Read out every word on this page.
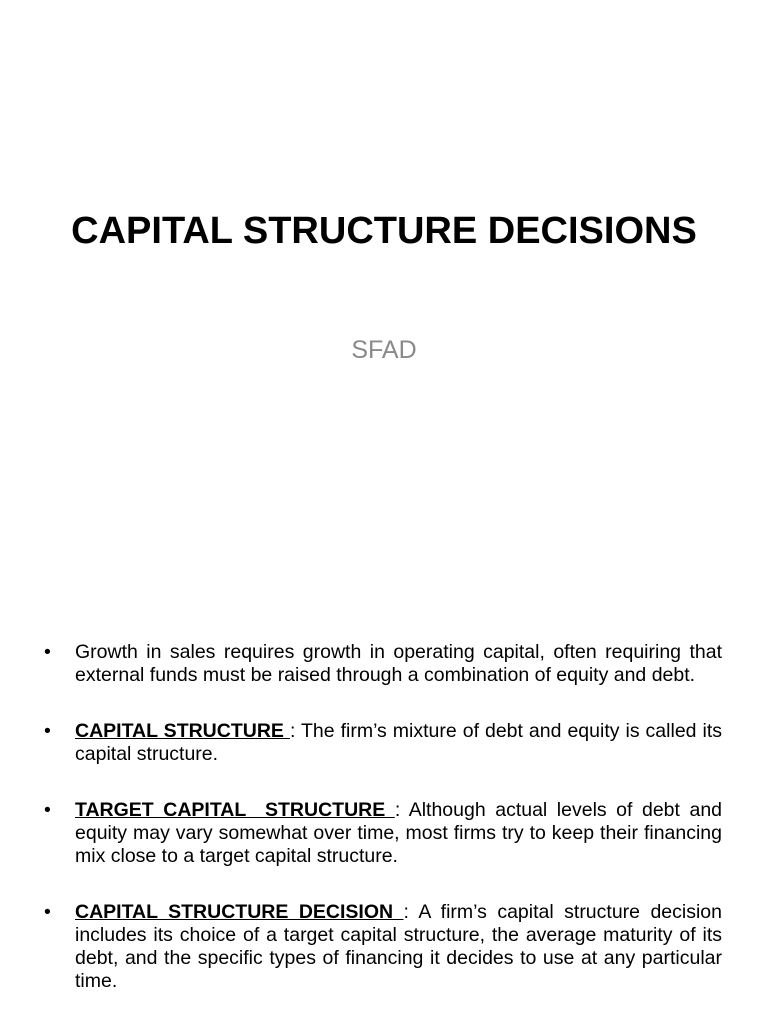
CAPITAL STRUCTURE DECISIONS
SFAD
• Growth in sales requires growth in operating capital, often requiring that external funds must be raised through a combination of equity and debt.
• CAPITAL STRUCTURE : The firm’s mixture of debt and equity is called its capital structure.
• TARGET CAPITAL  STRUCTURE : Although actual levels of debt and equity may vary somewhat over time, most firms try to keep their financing mix close to a target capital structure.
• CAPITAL STRUCTURE DECISION : A firm’s capital structure decision includes its choice of a target capital structure, the average maturity of its debt, and the specific types of financing it decides to use at any particular time.
